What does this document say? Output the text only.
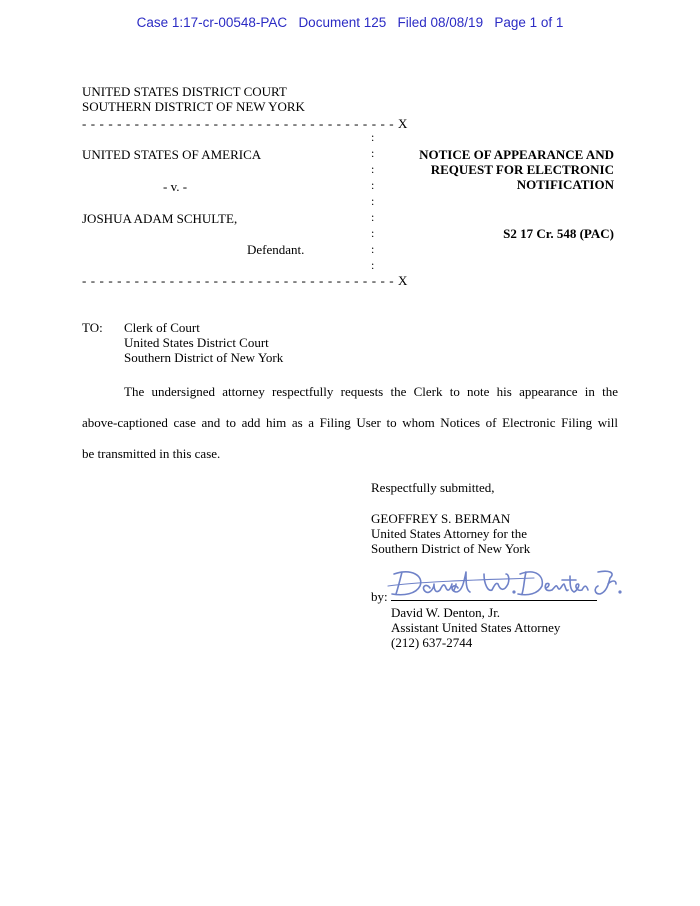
Case 1:17-cr-00548-PAC Document 125 Filed 08/08/19 Page 1 of 1
UNITED STATES DISTRICT COURT
SOUTHERN DISTRICT OF NEW YORK
- - - - - - - - - - - - - - - - - - - - - - - - - - - - - - - - - - - - X
- - - - - - - - - - - - - - - - - - - - - - - - - - - - - - - - - - - - X
:
:
:
:
:
:
:
:
:
UNITED STATES OF AMERICA
- v. -
JOSHUA ADAM SCHULTE,
Defendant.
NOTICE OF APPEARANCE AND
REQUEST FOR ELECTRONIC
NOTIFICATION
S2 17 Cr. 548 (PAC)
TO: Clerk of Court
United States District Court
Southern District of New York
The undersigned attorney respectfully requests the Clerk to note his appearance in the
above-captioned case and to add him as a Filing User to whom Notices of Electronic Filing will
be transmitted in this case.
Respectfully submitted,
GEOFFREY S. BERMAN
United States Attorney for the
Southern District of New York
by:
David W. Denton, Jr.
Assistant United States Attorney
(212) 637-2744
